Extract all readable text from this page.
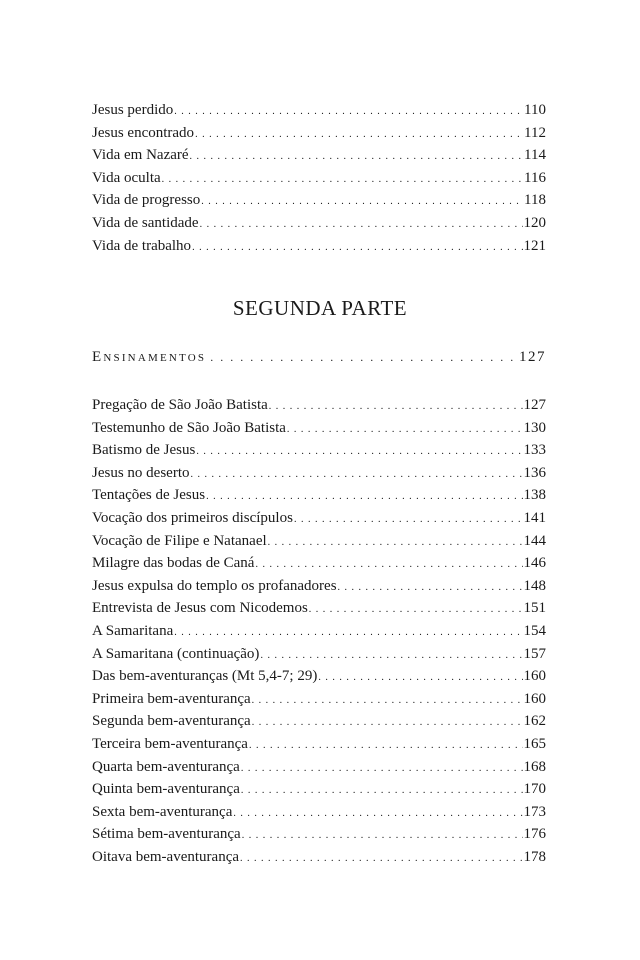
Jesus perdido . . .	110
Jesus encontrado . . .	112
Vida em Nazaré . . .	114
Vida oculta . . .	116
Vida de progresso . . .	118
Vida de santidade . . .	120
Vida de trabalho . . .	121
SEGUNDA PARTE
Ensinamentos . . .	127
Pregação de São João Batista . . .	127
Testemunho de São João Batista . . .	130
Batismo de Jesus . . .	133
Jesus no deserto . . .	136
Tentações de Jesus . . .	138
Vocação dos primeiros discípulos . . .	141
Vocação de Filipe e Natanael . . .	144
Milagre das bodas de Caná . . .	146
Jesus expulsa do templo os profanadores . . .	148
Entrevista de Jesus com Nicodemos . . .	151
A Samaritana . . .	154
A Samaritana (continuação) . . .	157
Das bem-aventuranças (Mt 5,4-7; 29) . . .	160
Primeira bem-aventurança . . .	160
Segunda bem-aventurança . . .	162
Terceira bem-aventurança . . .	165
Quarta bem-aventurança . . .	168
Quinta bem-aventurança . . .	170
Sexta bem-aventurança . . .	173
Sétima bem-aventurança . . .	176
Oitava bem-aventurança . . .	178
